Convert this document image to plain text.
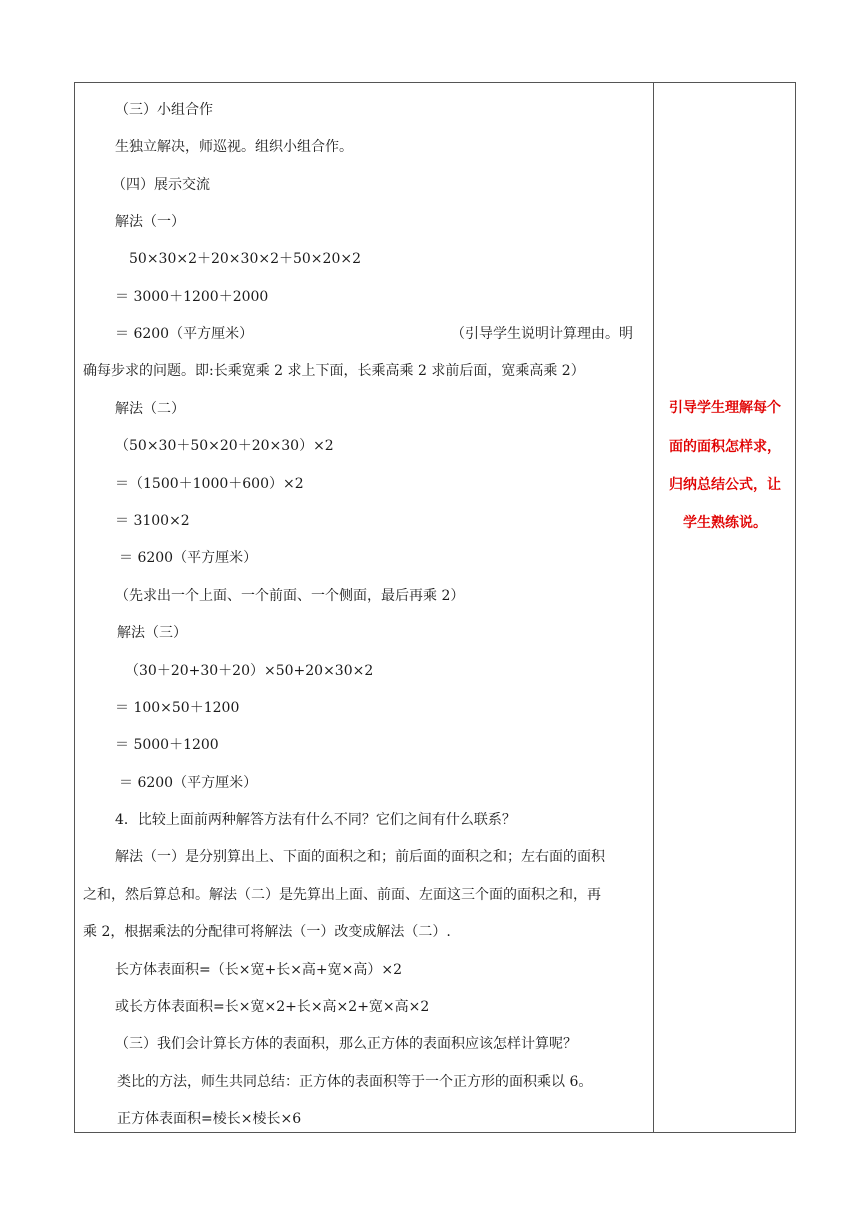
（三）小组合作
生独立解决，师巡视。组织小组合作。
（四）展示交流
解法（一）
50×30×2＋20×30×2＋50×20×2
＝ 3000＋1200＋2000
＝ 6200（平方厘米）	（引导学生说明计算理由。明
确每步求的问题。即:长乘宽乘 2 求上下面，长乘高乘 2 求前后面，宽乘高乘 2）
解法（二）
（50×30＋50×20＋20×30）×2
＝（1500＋1000＋600）×2
＝ 3100×2
＝ 6200（平方厘米）
（先求出一个上面、一个前面、一个侧面，最后再乘 2）
解法（三）
（30＋20+30＋20）×50+20×30×2
＝ 100×50＋1200
＝ 5000＋1200
＝ 6200（平方厘米）
4．比较上面前两种解答方法有什么不同？它们之间有什么联系？
解法（一）是分别算出上、下面的面积之和；前后面的面积之和；左右面的面积
之和，然后算总和。解法（二）是先算出上面、前面、左面这三个面的面积之和，再
乘 2，根据乘法的分配律可将解法（一）改变成解法（二）.
长方体表面积=（长×宽+长×高+宽×高）×2
或长方体表面积=长×宽×2+长×高×2+宽×高×2
（三）我们会计算长方体的表面积，那么正方体的表面积应该怎样计算呢？
类比的方法，师生共同总结：正方体的表面积等于一个正方形的面积乘以 6。
正方体表面积=棱长×棱长×6
引导学生理解每个
面的面积怎样求，
归纳总结公式，让
学生熟练说。
